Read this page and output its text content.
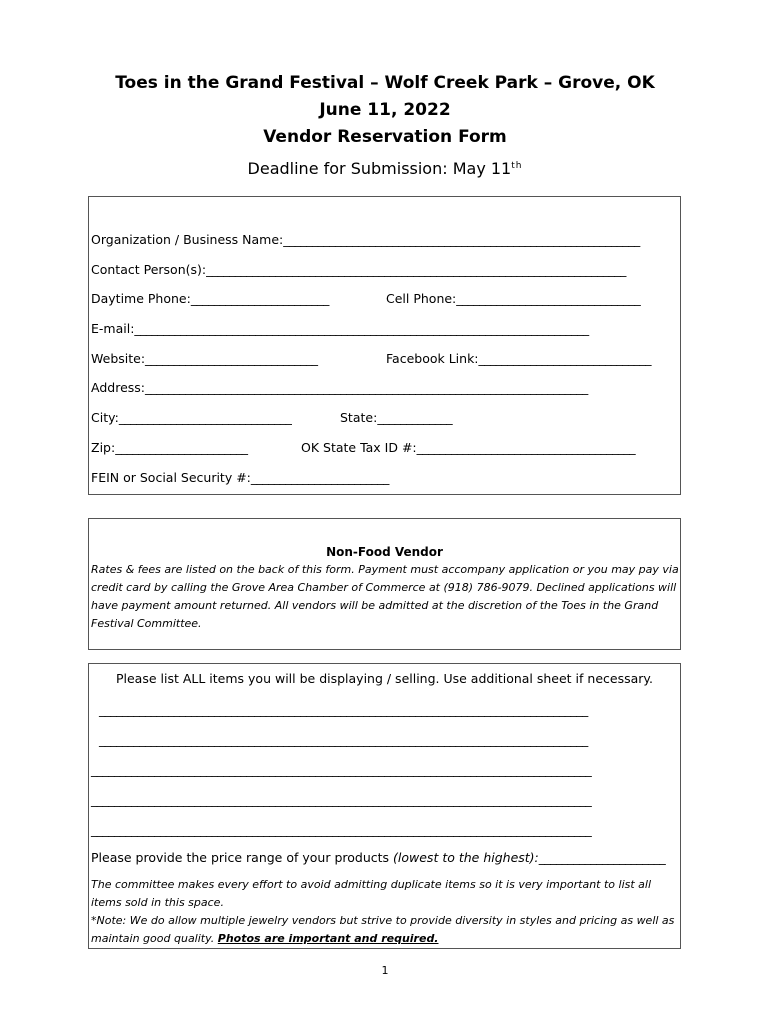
Toes in the Grand Festival – Wolf Creek Park – Grove, OK
June 11, 2022
Vendor Reservation Form
Deadline for Submission: May 11th
Organization / Business Name:______________________________________________________________
Contact Person(s):_________________________________________________________________________
Daytime Phone:________________________	Cell Phone:________________________________
E-mail:_______________________________________________________________________________
Website:______________________________	Facebook Link:______________________________
Address:_____________________________________________________________________________
City:______________________________	State:_____________
Zip:_______________________	OK State Tax ID #:______________________________________
FEIN or Social Security #:________________________
Non-Food Vendor
Rates & fees are listed on the back of this form. Payment must accompany application or you may pay via
credit card by calling the Grove Area Chamber of Commerce at (918) 786-9079. Declined applications will
have payment amount returned. All vendors will be admitted at the discretion of the Toes in the Grand
Festival Committee.
Please list ALL items you will be displaying / selling. Use additional sheet if necessary.
_____________________________________________________________________________________
_____________________________________________________________________________________
_______________________________________________________________________________________
_______________________________________________________________________________________
_______________________________________________________________________________________
Please provide the price range of your products (lowest to the highest):______________________
The committee makes every effort to avoid admitting duplicate items so it is very important to list all
items sold in this space.
*Note: We do allow multiple jewelry vendors but strive to provide diversity in styles and pricing as well as
maintain good quality. Photos are important and required.
1
